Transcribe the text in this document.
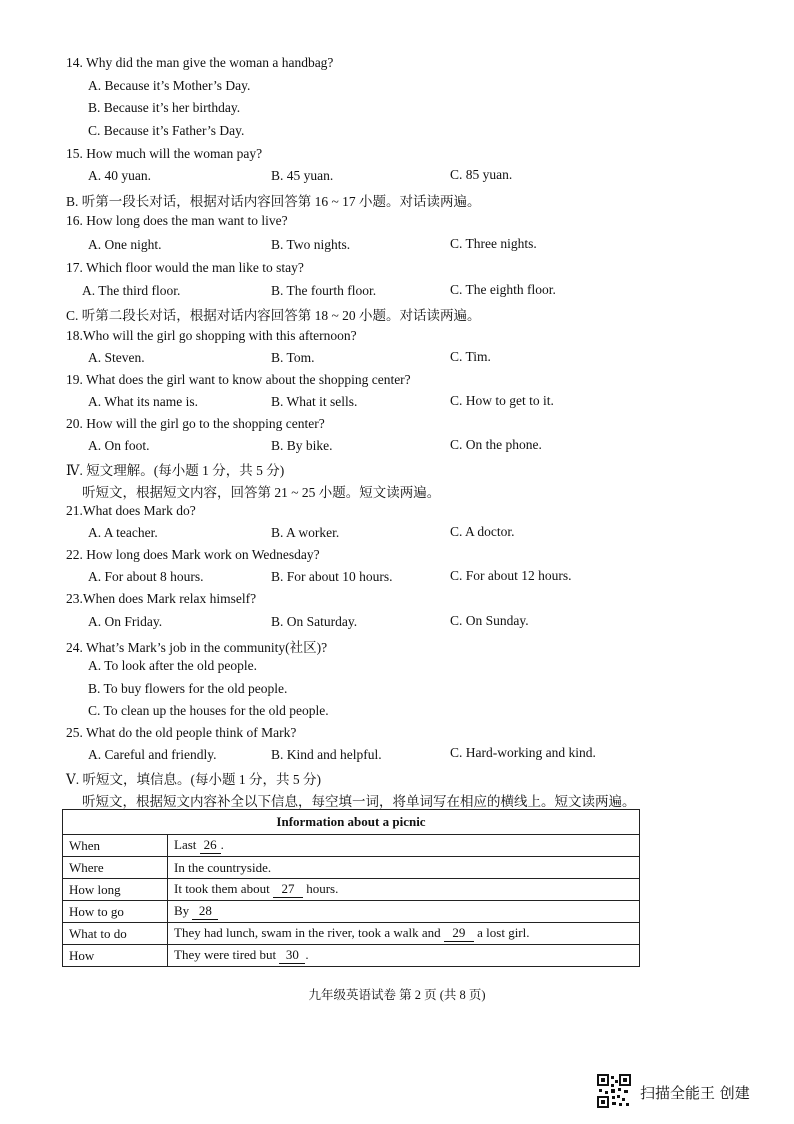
14. Why did the man give the woman a handbag?
A. Because it’s Mother’s Day.
B. Because it’s her birthday.
C. Because it’s Father’s Day.
15. How much will the woman pay?
A. 40 yuan.	B. 45 yuan.	C. 85 yuan.
B. 听第一段长对话，根据对话内容回答第 16 ~ 17 小题。对话读两遍。
16. How long does the man want to live?
A. One night.	B. Two nights.	C. Three nights.
17. Which floor would the man like to stay?
A. The third floor.	B. The fourth floor.	C. The eighth floor.
C. 听第二段长对话，根据对话内容回答第 18 ~ 20 小题。对话读两遍。
18.Who will the girl go shopping with this afternoon?
A. Steven.	B. Tom.	C. Tim.
19. What does the girl want to know about the shopping center?
A. What its name is.	B. What it sells.	C. How to get to it.
20. How will the girl go to the shopping center?
A. On foot.	B. By bike.	C. On the phone.
Ⅳ. 短文理解。(每小题 1 分，共 5 分)
听短文，根据短文内容，回答第 21 ~ 25 小题。短文读两遍。
21.What does Mark do?
A. A teacher.	B. A worker.	C. A doctor.
22. How long does Mark work on Wednesday?
A. For about 8 hours.	B. For about 10 hours.	C. For about 12 hours.
23.When does Mark relax himself?
A. On Friday.	B. On Saturday.	C. On Sunday.
24. What’s Mark’s job in the community(社区)?
A. To look after the old people.
B. To buy flowers for the old people.
C. To clean up the houses for the old people.
25. What do the old people think of Mark?
A. Careful and friendly.	B. Kind and helpful.	C. Hard-working and kind.
Ⅴ. 听短文，填信息。(每小题 1 分，共 5 分)
听短文，根据短文内容补全以下信息，每空填一词，将单词写在相应的横线上。短文读两遍。
Information about a picnic	
When	Last 26 .
Where	In the countryside.
How long	It took them about 27 hours.
How to go	By 28
What to do	They had lunch, swam in the river, took a walk and 29 a lost girl.
How	They were tired but 30 .
九年级英语试卷 第 2 页 (共 8 页)
扫描全能王 创建
